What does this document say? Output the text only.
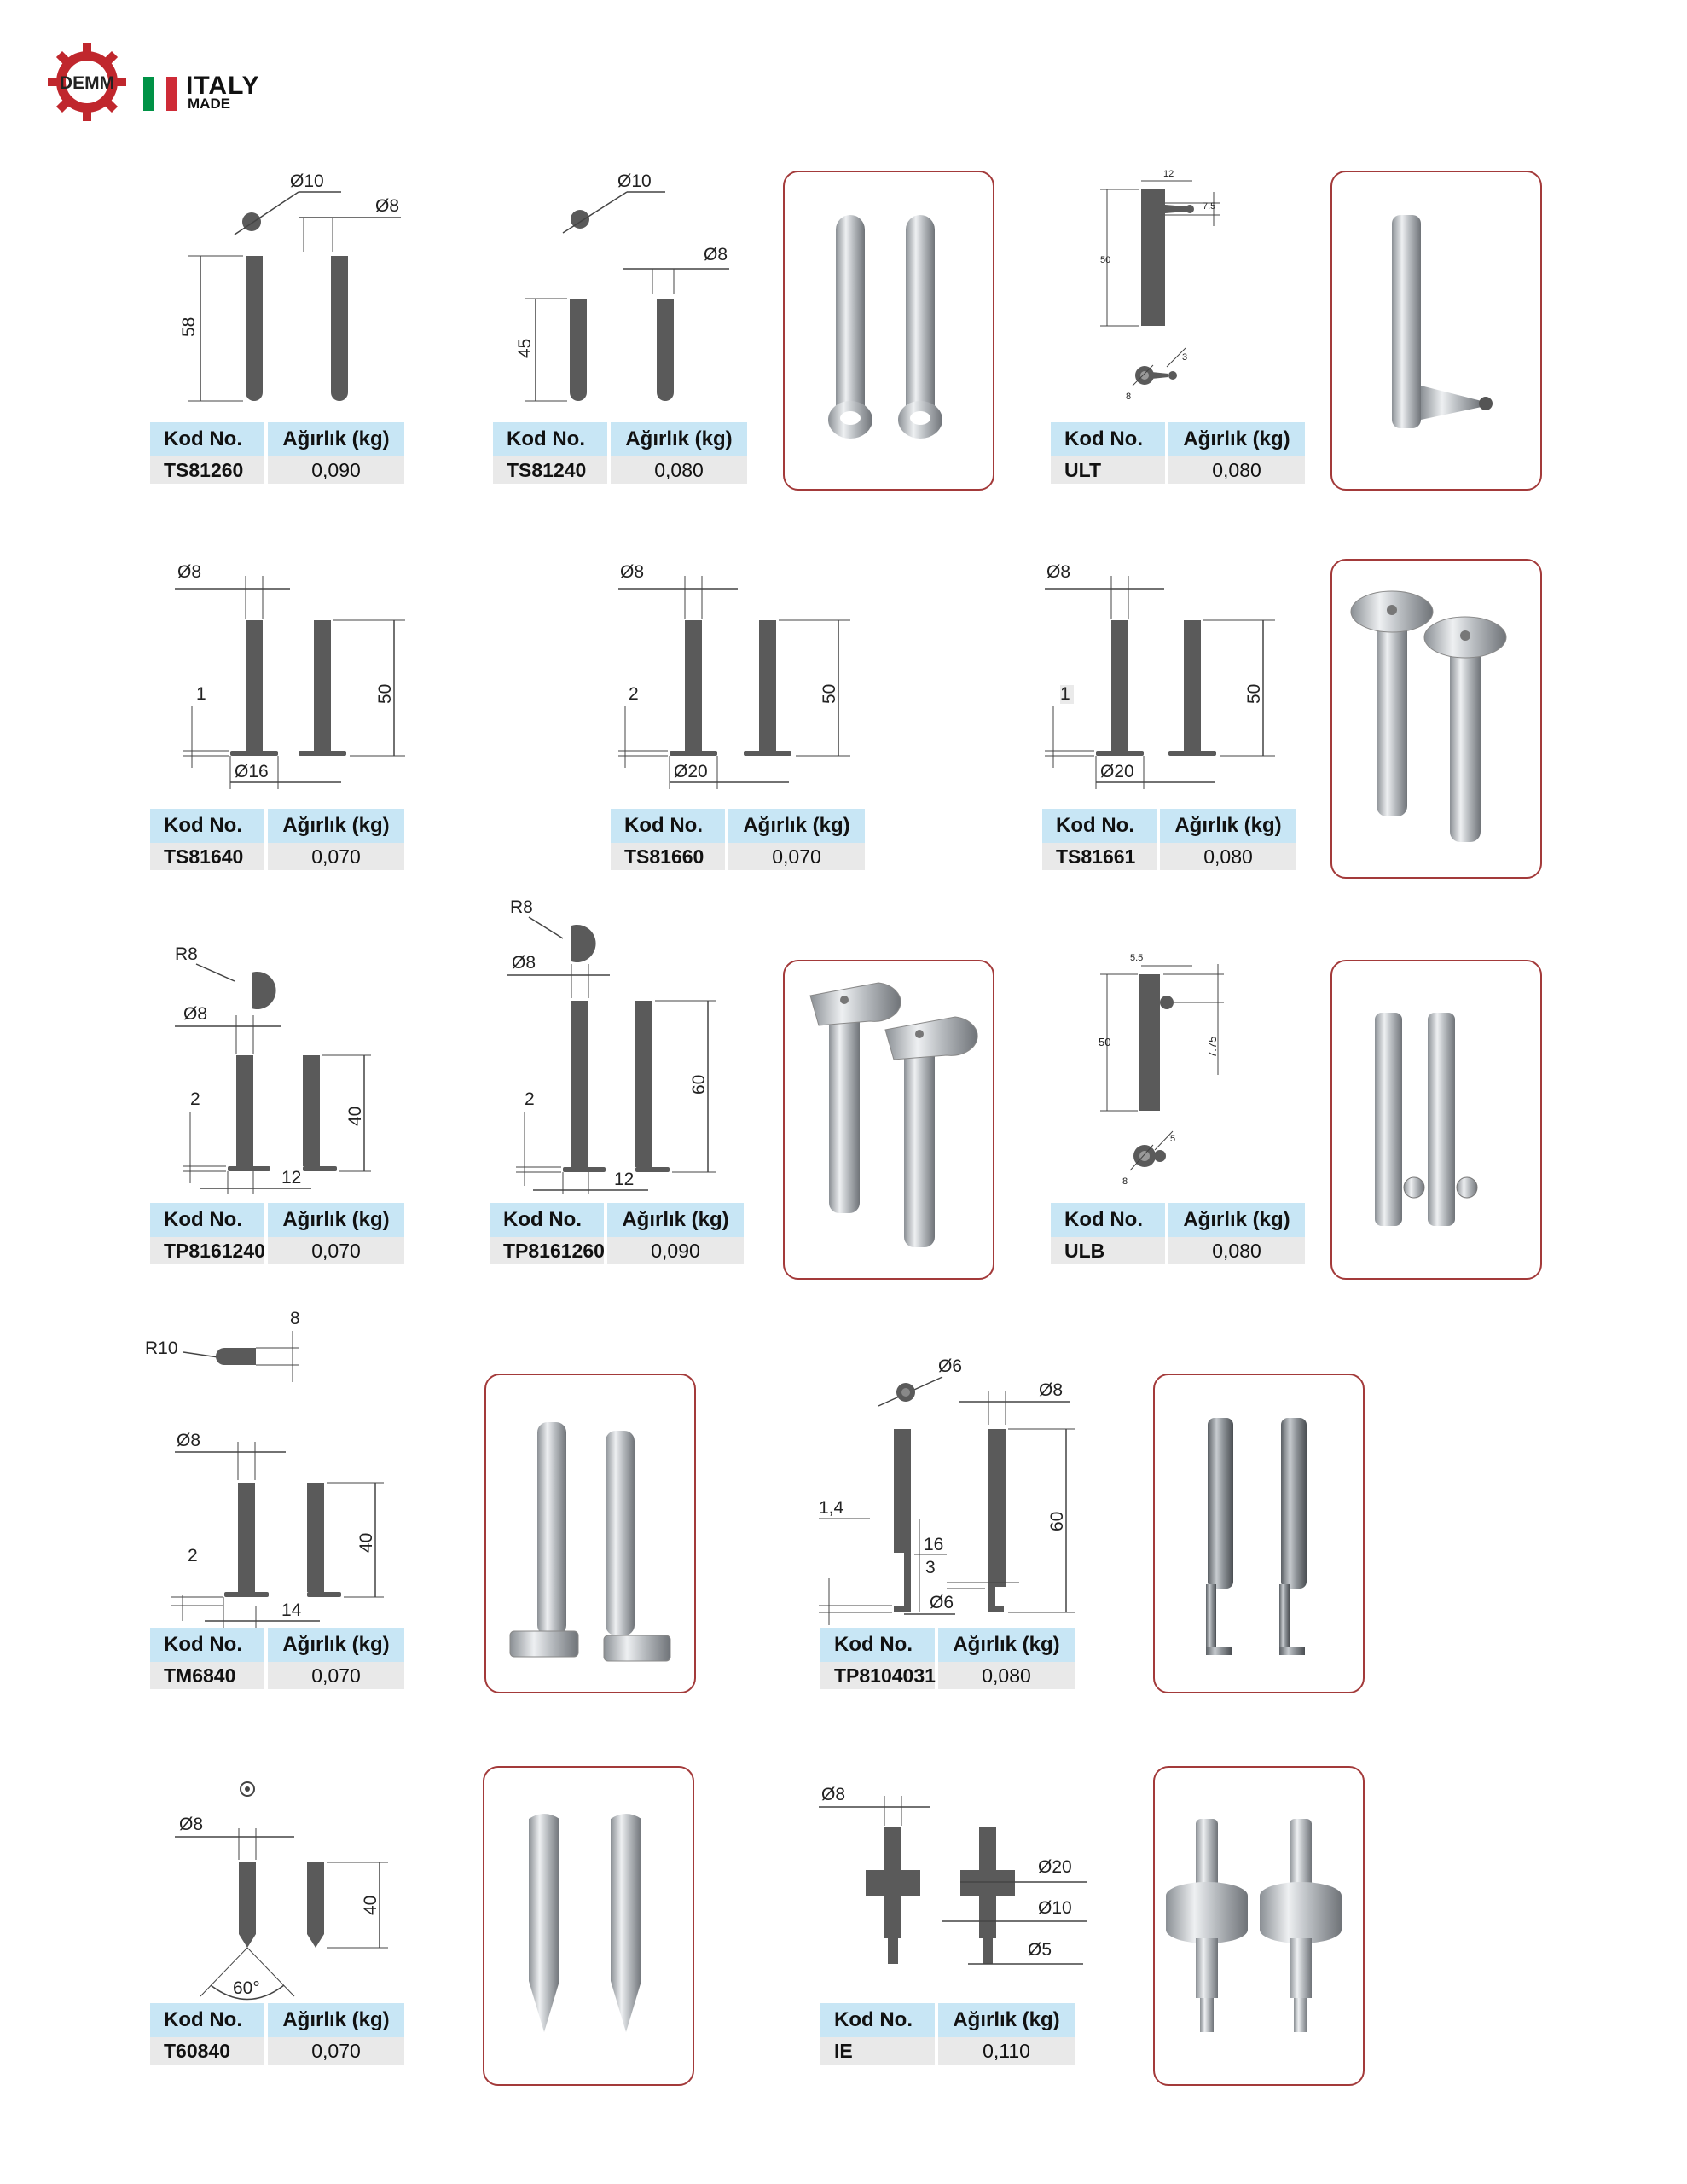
DEMM	ITALY
MADE
Ø10
Ø8
58
Kod No.	Ağırlık (kg)
TS81260	0,090
Ø10
Ø8
45
Kod No.	Ağırlık (kg)
TS81240	0,080
12
7.5
50
8
3
Kod No.	Ağırlık (kg)
ULT	0,080
Ø8
50
1
Ø16
Kod No.	Ağırlık (kg)
TS81640	0,070
Ø8
50
2
Ø20
Kod No.	Ağırlık (kg)
TS81660	0,070
Ø8
50
1
Ø20
Kod No.	Ağırlık (kg)
TS81661	0,080
R8
Ø8
40
2
12
Kod No.	Ağırlık (kg)
TP8161240	0,070
R8
Ø8
60
2
12
Kod No.	Ağırlık (kg)
TP8161260	0,090
5.5
50	7.75
8
5
Kod No.	Ağırlık (kg)
ULB	0,080
8
R10
Ø8
40
2
14
Kod No.	Ağırlık (kg)
TM6840	0,070
Ø6
Ø8
60
16
1,4
3
Ø6
Kod No.	Ağırlık (kg)
TP8104031	0,080
Ø8
40
60°
Kod No.	Ağırlık (kg)
T60840	0,070
Ø8
Ø20
Ø10
Ø5
Kod No.	Ağırlık (kg)
IE	0,110
